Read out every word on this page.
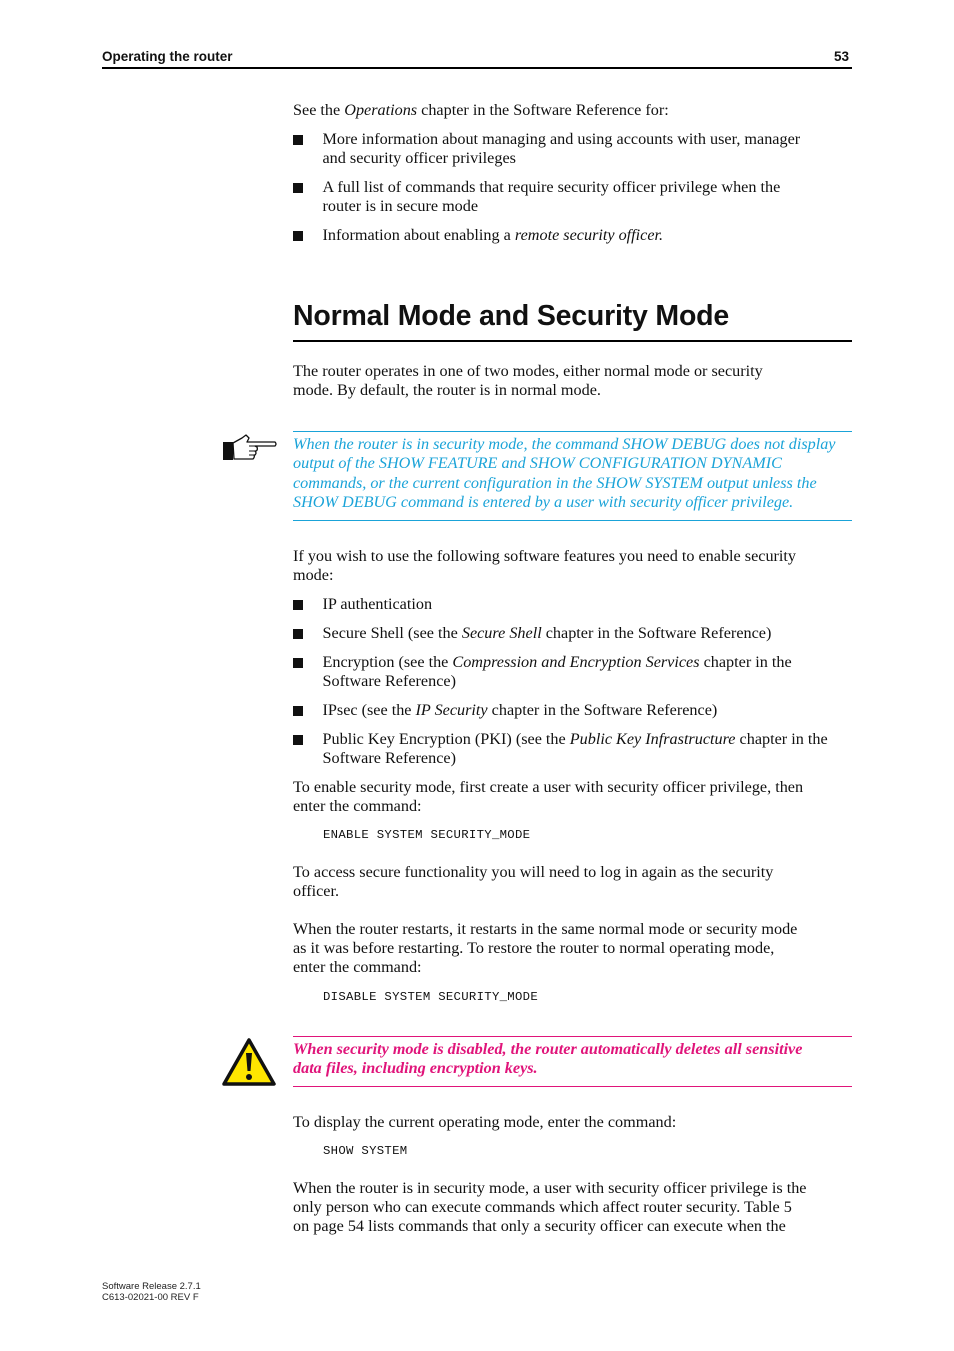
Operating the router	53
See the Operations chapter in the Software Reference for:
More information about managing and using accounts with user, manager
and security officer privileges
A full list of commands that require security officer privilege when the
router is in secure mode
Information about enabling a remote security officer.
Normal Mode and Security Mode
The router operates in one of two modes, either normal mode or security
mode. By default, the router is in normal mode.
When the router is in security mode, the command SHOW DEBUG does not display
output of the SHOW FEATURE and SHOW CONFIGURATION DYNAMIC
commands, or the current configuration in the SHOW SYSTEM output unless the
SHOW DEBUG command is entered by a user with security officer privilege.
If you wish to use the following software features you need to enable security
mode:
IP authentication
Secure Shell (see the Secure Shell chapter in the Software Reference)
Encryption (see the Compression and Encryption Services chapter in the
Software Reference)
IPsec (see the IP Security chapter in the Software Reference)
Public Key Encryption (PKI) (see the Public Key Infrastructure chapter in the
Software Reference)
To enable security mode, first create a user with security officer privilege, then
enter the command:
ENABLE SYSTEM SECURITY_MODE
To access secure functionality you will need to log in again as the security
officer.
When the router restarts, it restarts in the same normal mode or security mode
as it was before restarting. To restore the router to normal operating mode,
enter the command:
DISABLE SYSTEM SECURITY_MODE
When security mode is disabled, the router automatically deletes all sensitive
data files, including encryption keys.
To display the current operating mode, enter the command:
SHOW SYSTEM
When the router is in security mode, a user with security officer privilege is the
only person who can execute commands which affect router security. Table 5
on page 54 lists commands that only a security officer can execute when the
Software Release 2.7.1
C613-02021-00 REV F
